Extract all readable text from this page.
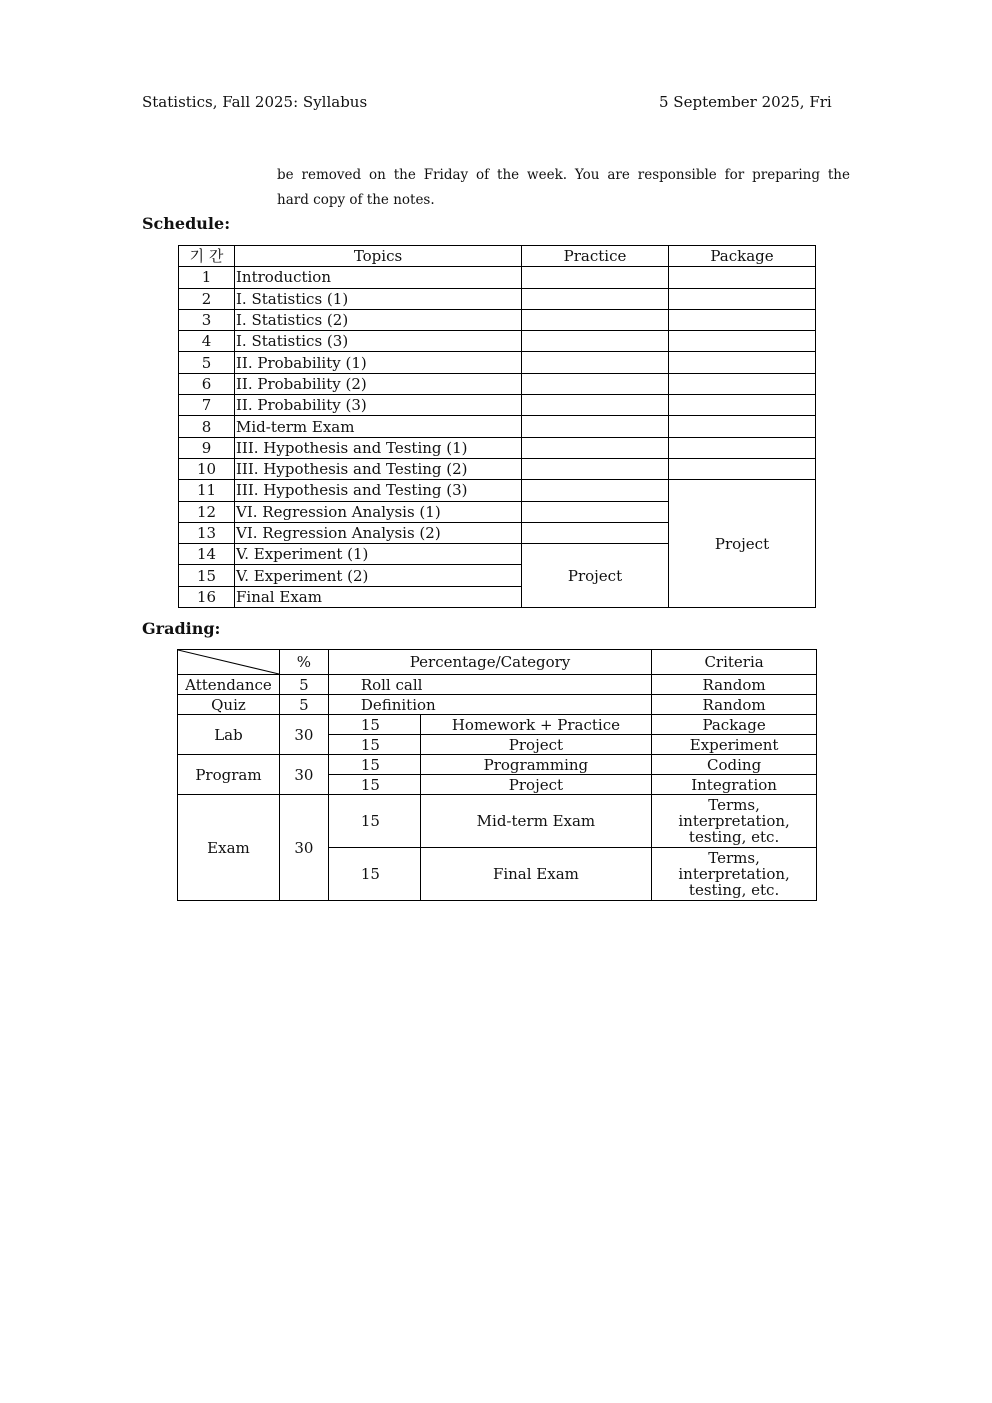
Statistics, Fall 2025: Syllabus	5 September 2025, Fri
be removed on the Friday of the week. You are responsible for preparing the

hard copy of the notes.
Schedule:
기 간	Topics	Practice	Package
1	Introduction		
2	I. Statistics (1)		
3	I. Statistics (2)		
4	I. Statistics (3)		
5	II. Probability (1)		
6	II. Probability (2)		
7	II. Probability (3)		
8	Mid-term Exam		
9	III. Hypothesis and Testing (1)		
10	III. Hypothesis and Testing (2)		
11	III. Hypothesis and Testing (3)		Project
12	VI. Regression Analysis (1)		
13	VI. Regression Analysis (2)		
14	V. Experiment (1)	Project	
15	V. Experiment (2)		
16	Final Exam		
Grading:
	%	Percentage/Category		Criteria
Attendance	5	Roll call		Random
Quiz	5	Definition		Random
Lab	30	15	Homework + Practice	Package
		15	Project	Experiment
Program	30	15	Programming	Coding
		15	Project	Integration
Exam	30	15	Mid-term Exam	Terms,
interpretation,
testing, etc.
		15	Final Exam	Terms,
interpretation,
testing, etc.
